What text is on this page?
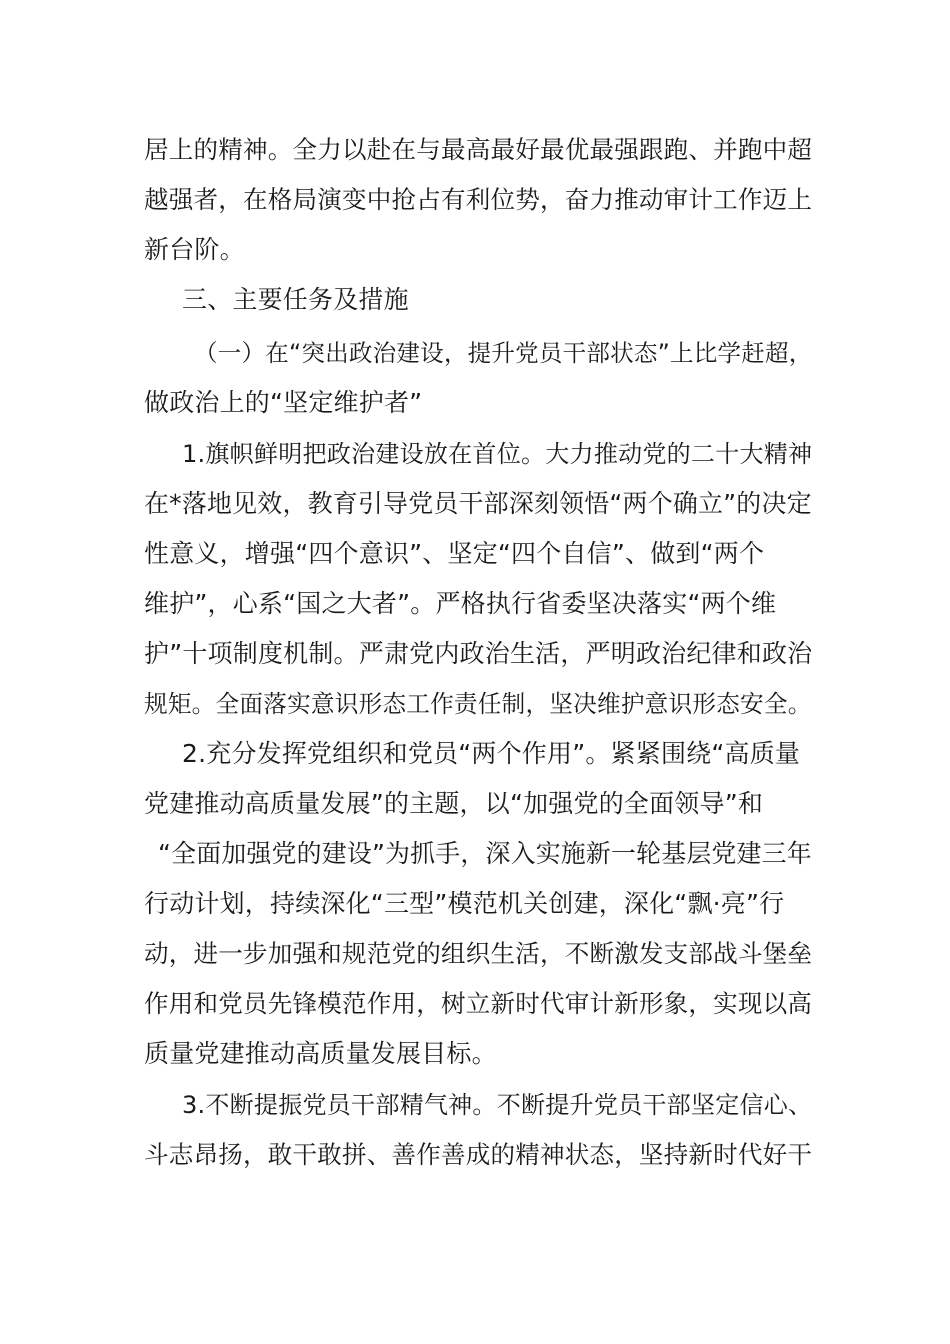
居上的精神。全力以赴在与最高最好最优最强跟跑、并跑中超
越强者，在格局演变中抢占有利位势，奋力推动审计工作迈上
新台阶。
三、主要任务及措施
（一）在“突出政治建设，提升党员干部状态”上比学赶超，
做政治上的“坚定维护者”
1.旗帜鲜明把政治建设放在首位。大力推动党的二十大精神
在*落地见效，教育引导党员干部深刻领悟“两个确立”的决定
性意义，增强“四个意识”、坚定“四个自信”、做到“两个
维护”，心系“国之大者”。严格执行省委坚决落实“两个维
护”十项制度机制。严肃党内政治生活，严明政治纪律和政治
规矩。全面落实意识形态工作责任制，坚决维护意识形态安全。
2.充分发挥党组织和党员“两个作用”。紧紧围绕“高质量
党建推动高质量发展”的主题，以“加强党的全面领导”和
“全面加强党的建设”为抓手，深入实施新一轮基层党建三年
行动计划，持续深化“三型”模范机关创建，深化“飘·亮”行
动，进一步加强和规范党的组织生活，不断激发支部战斗堡垒
作用和党员先锋模范作用，树立新时代审计新形象，实现以高
质量党建推动高质量发展目标。
3.不断提振党员干部精气神。不断提升党员干部坚定信心、
斗志昂扬，敢干敢拼、善作善成的精神状态，坚持新时代好干
